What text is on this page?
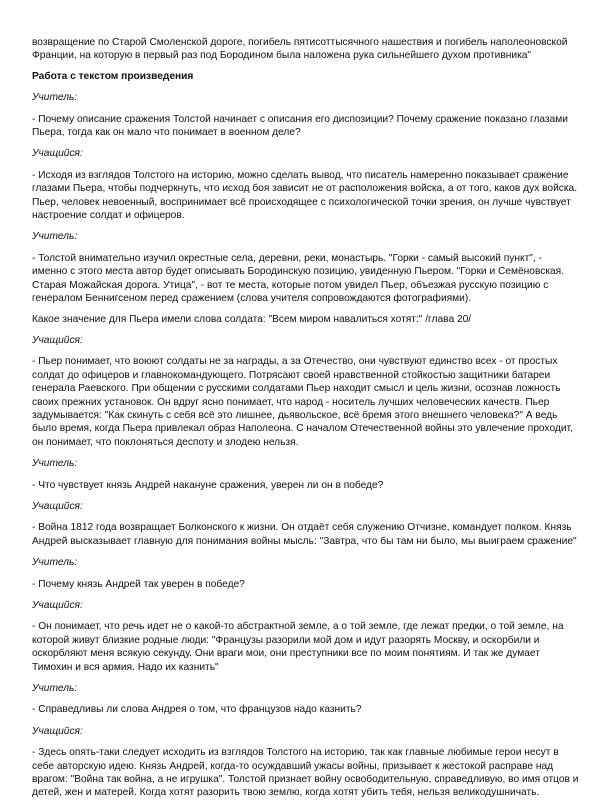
возвращение по Старой Смоленской дороге, погибель пятисоттысячного нашествия и погибель наполеоновской Франции, на которую в первый раз под Бородином была наложена рука сильнейшего духом противника"

Работа с текстом произведения

Учитель:

- Почему описание сражения Толстой начинает с описания его диспозиции? Почему сражение показано глазами Пьера, тогда как он мало что понимает в военном деле?

Учащийся:

- Исходя из взглядов Толстого на историю, можно сделать вывод, что писатель намеренно показывает сражение глазами Пьера, чтобы подчеркнуть, что исход боя зависит не от расположения войска, а от того, каков дух войска. Пьер, человек невоенный, воспринимает всё происходящее с психологической точки зрения, он лучше чувствует настроение солдат и офицеров.

Учитель:

- Толстой внимательно изучил окрестные села, деревни, реки, монастырь. "Горки - самый высокий пункт", - именно с этого места автор будет описывать Бородинскую позицию, увиденную Пьером. "Горки и Семёновская. Старая Можайская дорога. Утица", - вот те места, которые потом увидел Пьер, объезжая русскую позицию с генералом Беннигсеном перед сражением (слова учителя сопровождаются фотографиями).

Какое значение для Пьера имели слова солдата: "Всем миром навалиться хотят:" /глава 20/

Учащийся:

- Пьер понимает, что воюют солдаты не за награды, а за Отечество, они чувствуют единство всех - от простых солдат до офицеров и главнокомандующего. Потрясают своей нравственной стойкостью защитники батареи генерала Раевского. При общении с русскими солдатами Пьер находит смысл и цель жизни, осознав ложность своих прежних установок. Он вдруг ясно понимает, что народ - носитель лучших человеческих качеств. Пьер задумывается: "Как скинуть с себя всё это лишнее, дьявольское, всё бремя этого внешнего человека?" А ведь было время, когда Пьера привлекал образ Наполеона. С началом Отечественной войны это увлечение проходит, он понимает, что поклоняться деспоту и злодею нельзя.

Учитель:

- Что чувствует князь Андрей накануне сражения, уверен ли он в победе?

Учащийся:

- Война 1812 года возвращает Болконского к жизни. Он отдаёт себя служению Отчизне, командует полком. Князь Андрей высказывает главную для понимания войны мысль: "Завтра, что бы там ни было, мы выиграем сражение"

Учитель:

- Почему князь Андрей так уверен в победе?

Учащийся:

- Он понимает, что речь идет не о какой-то абстрактной земле, а о той земле, где лежат предки, о той земле, на которой живут близкие родные люди: "Французы разорили мой дом и идут разорять Москву, и оскорбили и оскорбляют меня всякую секунду. Они враги мои, они преступники все по моим понятиям. И так же думает Тимохин и вся армия. Надо их казнить"

Учитель:

- Справедливы ли слова Андрея о том, что французов надо казнить?

Учащийся:

- Здесь опять-таки следует исходить из взглядов Толстого на историю, так как главные любимые герои несут в себе авторскую идею. Князь Андрей, когда-то осуждавший ужасы войны, призывает к жестокой расправе над врагом: "Война так война, а не игрушка". Толстой признает войну освободительную, справедливую, во имя отцов и детей, жен и матерей. Когда хотят разорить твою землю, когда хотят убить тебя, нельзя великодушничать.
